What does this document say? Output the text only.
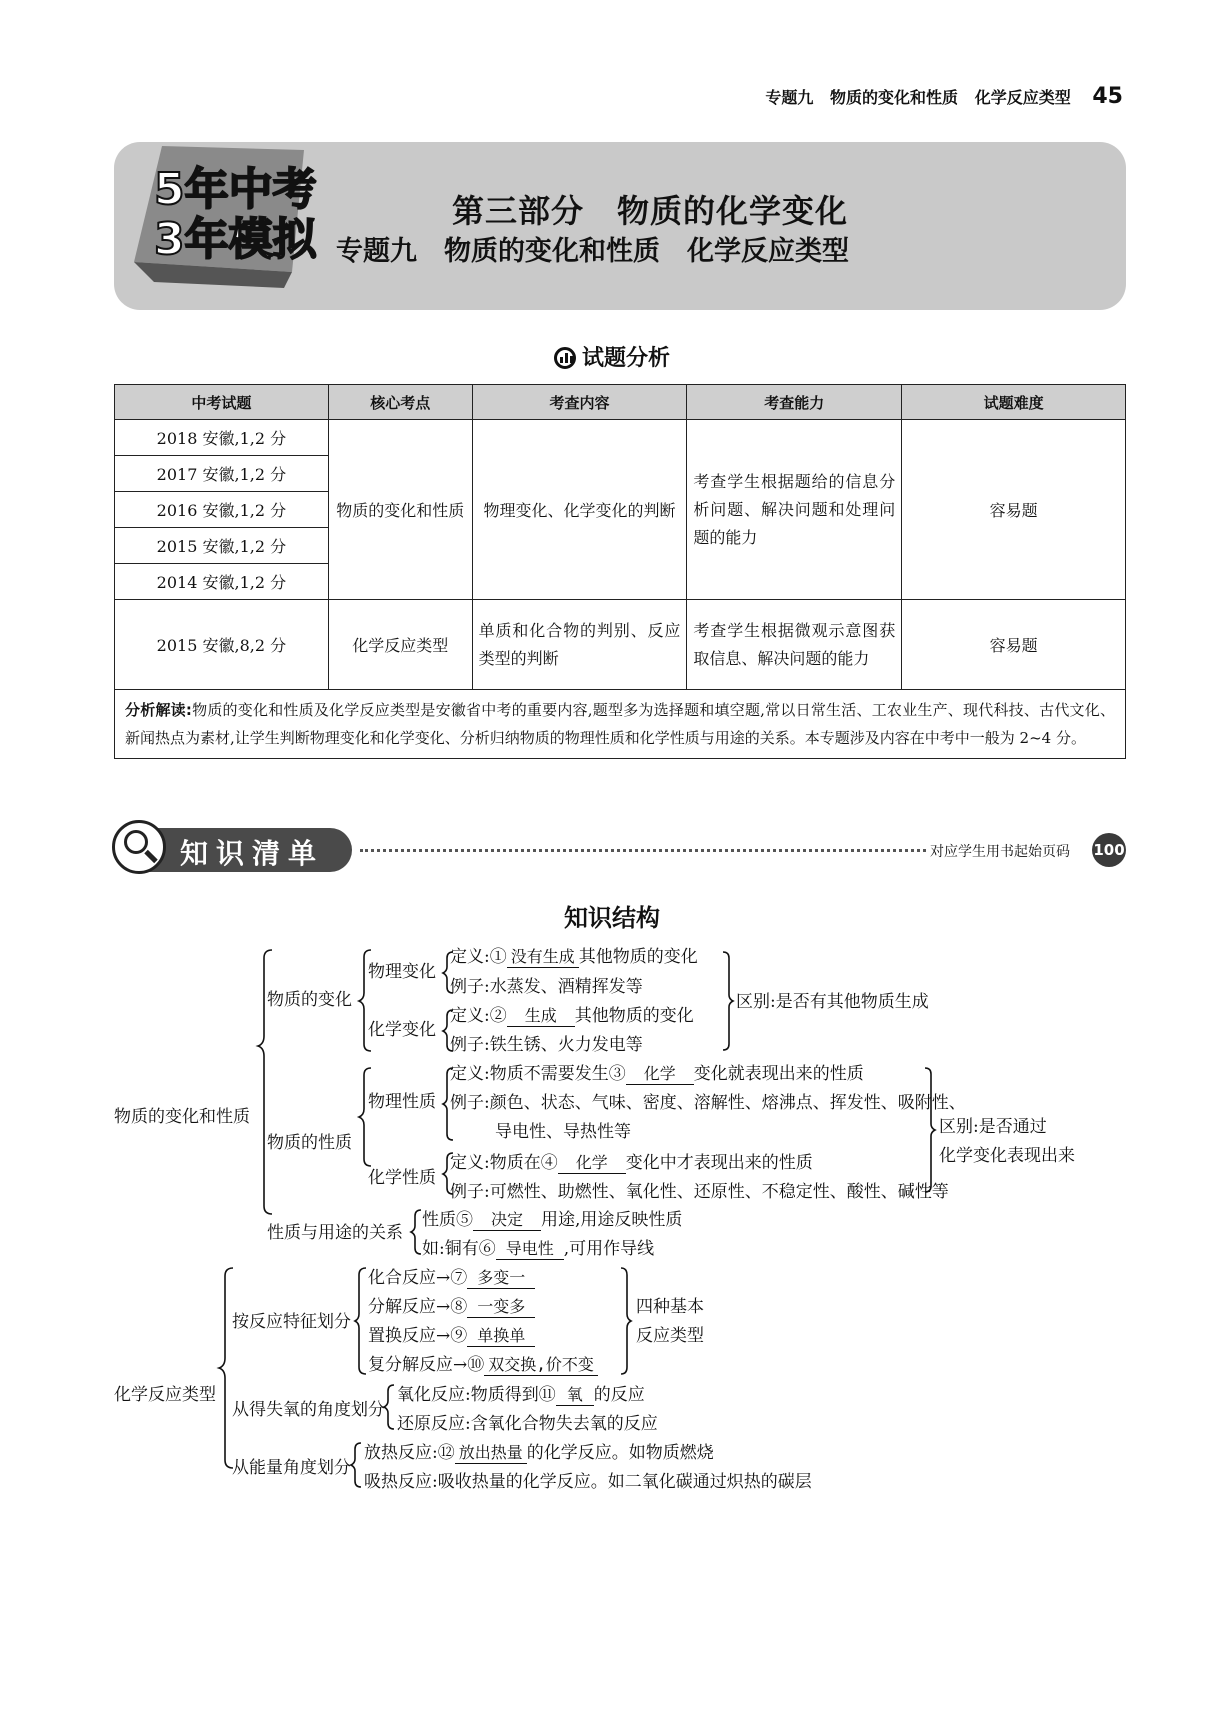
专题九 物质的变化和性质 化学反应类型 45
5年中考
3年模拟
第三部分　物质的化学变化
专题九　物质的变化和性质　化学反应类型
试题分析
中考试题	核心考点	考查内容	考查能力	试题难度
2018 安徽,1,2 分	物质的变化和性质	物理变化、化学变化的判断	考查学生根据题给的信息分析问题、解决问题和处理问题的能力	容易题
2017 安徽,1,2 分				
2016 安徽,1,2 分				
2015 安徽,1,2 分				
2014 安徽,1,2 分				
2015 安徽,8,2 分	化学反应类型	单质和化合物的判别、反应类型的判断	考查学生根据微观示意图获取信息、解决问题的能力	容易题
分析解读:物质的变化和性质及化学反应类型是安徽省中考的重要内容,题型多为选择题和填空题,常以日常生活、工农业生产、现代科技、古代文化、新闻热点为素材,让学生判断物理变化和化学变化、分析归纳物质的物理性质和化学性质与用途的关系。本专题涉及内容在中考中一般为 2~4 分。				
知识清单	对应学生用书起始页码 100
知识结构
物质的变化和性质
物质的变化
物理变化
定义:① 没有生成 其他物质的变化
例子:水蒸发、酒精挥发等
化学变化
定义:② 生成 其他物质的变化
例子:铁生锈、火力发电等
区别:是否有其他物质生成
物质的性质
物理性质
定义:物质不需要发生③ 化学 变化就表现出来的性质
例子:颜色、状态、气味、密度、溶解性、熔沸点、挥发性、吸附性、
导电性、导热性等
化学性质
定义:物质在④ 化学 变化中才表现出来的性质
例子:可燃性、助燃性、氧化性、还原性、不稳定性、酸性、碱性等
区别:是否通过
化学变化表现出来
性质与用途的关系
性质⑤ 决定 用途,用途反映性质
如:铜有⑥ 导电性 ,可用作导线
化学反应类型
按反应特征划分
化合反应→⑦ 多变一
分解反应→⑧ 一变多
置换反应→⑨ 单换单
复分解反应→⑩ 双交换,价不变
四种基本
反应类型
从得失氧的角度划分
氧化反应:物质得到⑪ 氧 的反应
还原反应:含氧化合物失去氧的反应
从能量角度划分
放热反应:⑫ 放出热量 的化学反应。如物质燃烧
吸热反应:吸收热量的化学反应。如二氧化碳通过炽热的碳层
